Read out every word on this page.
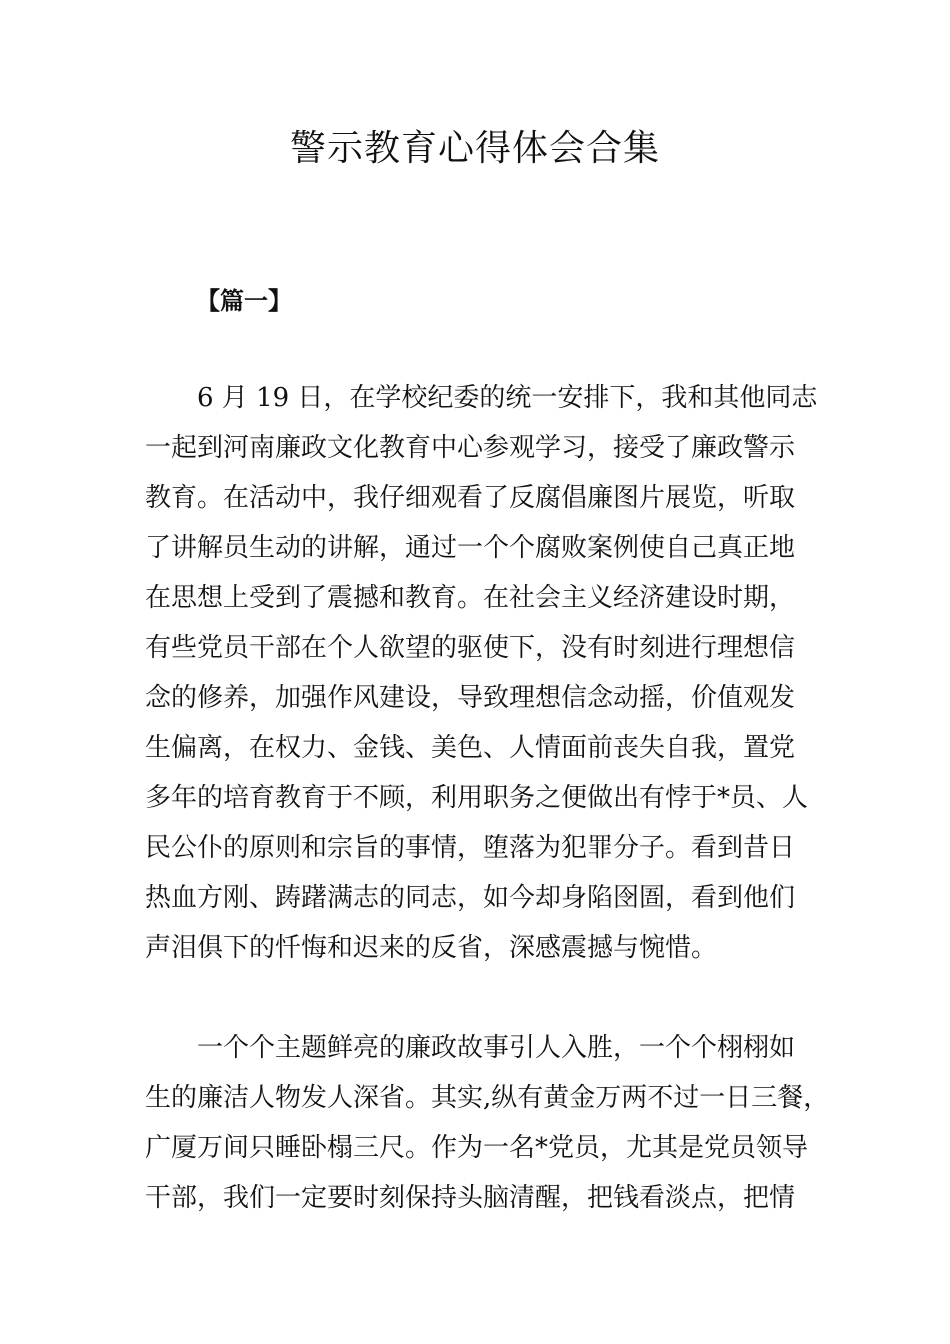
警示教育心得体会合集
【篇一】
6 月 19 日，在学校纪委的统一安排下，我和其他同志
一起到河南廉政文化教育中心参观学习，接受了廉政警示
教育。在活动中，我仔细观看了反腐倡廉图片展览，听取
了讲解员生动的讲解，通过一个个腐败案例使自己真正地
在思想上受到了震撼和教育。在社会主义经济建设时期，
有些党员干部在个人欲望的驱使下，没有时刻进行理想信
念的修养，加强作风建设，导致理想信念动摇，价值观发
生偏离，在权力、金钱、美色、人情面前丧失自我，置党
多年的培育教育于不顾，利用职务之便做出有悖于*员、人
民公仆的原则和宗旨的事情，堕落为犯罪分子。看到昔日
热血方刚、踌躇满志的同志，如今却身陷囹圄，看到他们
声泪俱下的忏悔和迟来的反省，深感震撼与惋惜。
一个个主题鲜亮的廉政故事引人入胜，一个个栩栩如
生的廉洁人物发人深省。其实,纵有黄金万两不过一日三餐，
广厦万间只睡卧榻三尺。作为一名*党员，尤其是党员领导
干部，我们一定要时刻保持头脑清醒，把钱看淡点，把情
